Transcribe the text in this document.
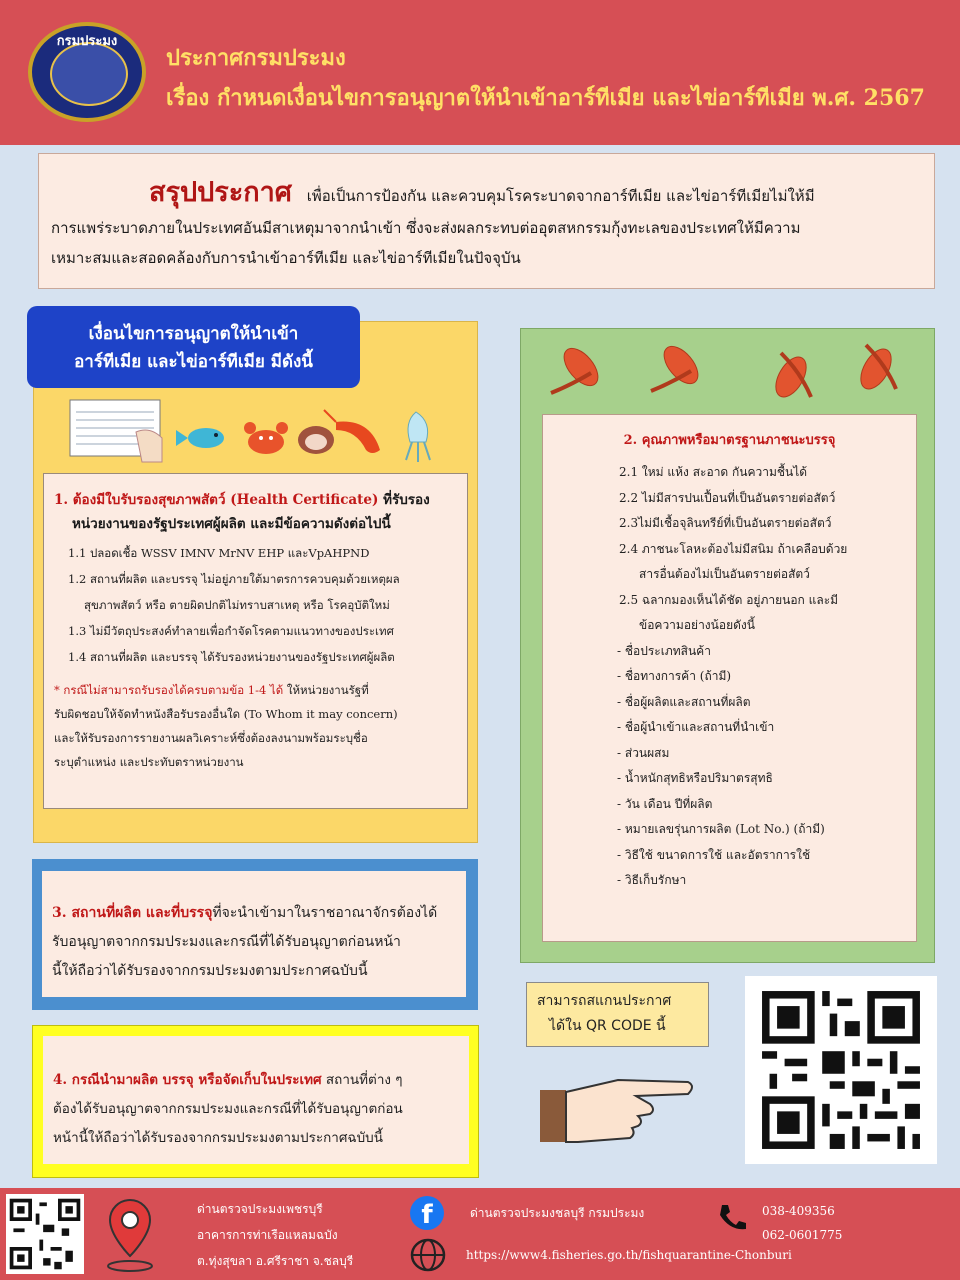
กรมประมง
ประกาศกรมประมง
เรื่อง กำหนดเงื่อนไขการอนุญาตให้นำเข้าอาร์ทีเมีย และไข่อาร์ทีเมีย พ.ศ. 2567
สรุปประกาศ เพื่อเป็นการป้องกัน และควบคุมโรคระบาดจากอาร์ทีเมีย และไข่อาร์ทีเมียไม่ให้มี
การแพร่ระบาดภายในประเทศอันมีสาเหตุมาจากนำเข้า ซึ่งจะส่งผลกระทบต่ออุตสหกรรมกุ้งทะเลของประเทศให้มีความ
เหมาะสมและสอดคล้องกับการนำเข้าอาร์ทีเมีย และไข่อาร์ทีเมียในปัจจุบัน
เงื่อนไขการอนุญาตให้นำเข้า
อาร์ทีเมีย และไข่อาร์ทีเมีย มีดังนี้
1. ต้องมีใบรับรองสุขภาพสัตว์ (Health Certificate) ที่รับรอง
หน่วยงานของรัฐประเทศผู้ผลิต และมีข้อความดังต่อไปนี้
1.1 ปลอดเชื้อ WSSV IMNV MrNV EHP และVpAHPND
1.2 สถานที่ผลิต และบรรจุ ไม่อยู่ภายใต้มาตรการควบคุมด้วยเหตุผล
สุขภาพสัตว์ หรือ ตายผิดปกติไม่ทราบสาเหตุ หรือ โรคอุบัติใหม่
1.3 ไม่มีวัตถุประสงค์ทำลายเพื่อกำจัดโรคตามแนวทางของประเทศ
1.4 สถานที่ผลิต และบรรจุ ได้รับรองหน่วยงานของรัฐประเทศผู้ผลิต
* กรณีไม่สามารถรับรองได้ครบตามข้อ 1-4 ได้ ให้หน่วยงานรัฐที่
รับผิดชอบให้จัดทำหนังสือรับรองอื่นใด (To Whom it may concern)
และให้รับรองการรายงานผลวิเคราะห์ซึ่งต้องลงนามพร้อมระบุชื่อ
ระบุตำแหน่ง และประทับตราหน่วยงาน
3. สถานที่ผลิต และที่บรรจุที่จะนำเข้ามาในราชอาณาจักรต้องได้
รับอนุญาตจากกรมประมงและกรณีที่ได้รับอนุญาตก่อนหน้า
นี้ให้ถือว่าได้รับรองจากกรมประมงตามประกาศฉบับนี้
4. กรณีนำมาผลิต บรรจุ หรือจัดเก็บในประเทศ สถานที่ต่าง ๆ
ต้องได้รับอนุญาตจากกรมประมงและกรณีที่ได้รับอนุญาตก่อน
หน้านี้ให้ถือว่าได้รับรองจากกรมประมงตามประกาศฉบับนี้
2. คุณภาพหรือมาตรฐานภาชนะบรรจุ
2.1 ใหม่ แห้ง สะอาด กันความชื้นได้
2.2 ไม่มีสารปนเปื้อนที่เป็นอันตรายต่อสัตว์
2.3ไม่มีเชื้อจุลินทรีย์ที่เป็นอันตรายต่อสัตว์
2.4 ภาชนะโลหะต้องไม่มีสนิม ถ้าเคลือบด้วย
สารอื่นต้องไม่เป็นอันตรายต่อสัตว์
2.5 ฉลากมองเห็นได้ชัด อยู่ภายนอก และมี
ข้อความอย่างน้อยดังนี้
- ชื่อประเภทสินค้า
- ชื่อทางการค้า (ถ้ามี)
- ชื่อผู้ผลิตและสถานที่ผลิต
- ชื่อผู้นำเข้าและสถานที่นำเข้า
- ส่วนผสม
- น้ำหนักสุทธิหรือปริมาตรสุทธิ
- วัน เดือน ปีที่ผลิต
- หมายเลขรุ่นการผลิต (Lot No.) (ถ้ามี)
- วิธีใช้ ขนาดการใช้ และอัตราการใช้
- วิธีเก็บรักษา
สามารถสแกนประกาศ
ได้ใน QR CODE นี้
ด่านตรวจประมงเพชรบุรี
อาคารการท่าเรือแหลมฉบัง
ต.ทุ่งสุขลา อ.ศรีราชา จ.ชลบุรี
f	ด่านตรวจประมงชลบุรี กรมประมง
https://www4.fisheries.go.th/fishquarantine-Chonburi
038-409356
062-0601775
